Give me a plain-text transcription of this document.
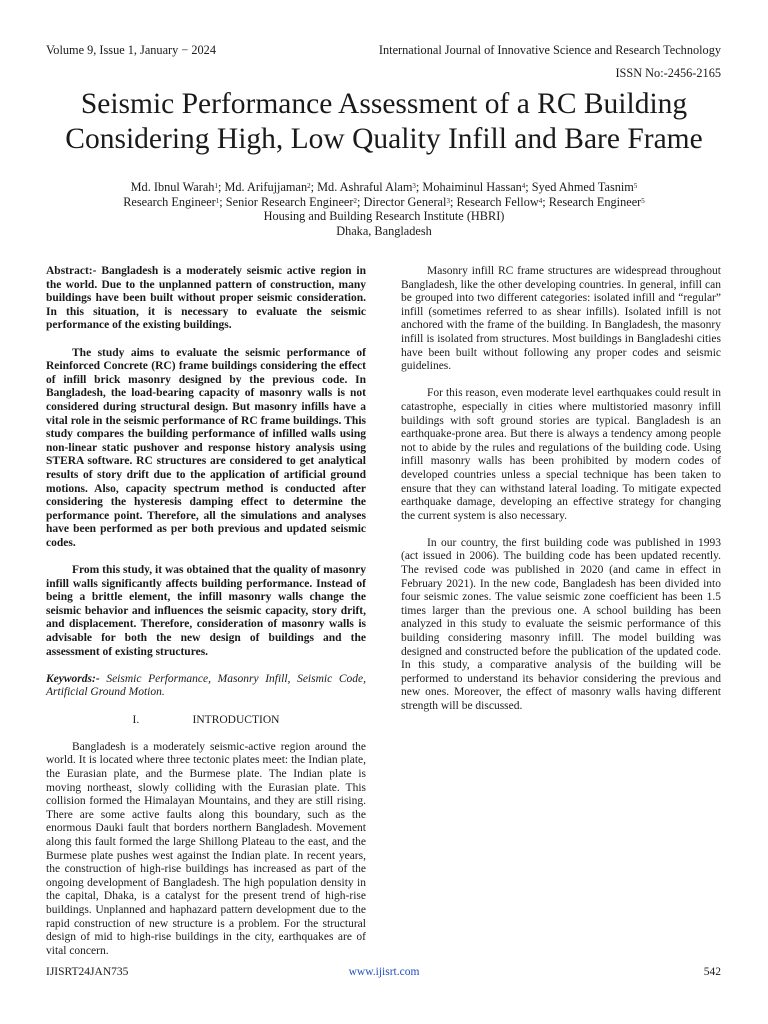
Volume 9, Issue 1, January − 2024	International Journal of Innovative Science and Research Technology
ISSN No:-2456-2165
Seismic Performance Assessment of a RC Building
Considering High, Low Quality Infill and Bare Frame
Md. Ibnul Warah$^1$; Md. Arifujjaman$^2$; Md. Ashraful Alam$^3$; Mohaiminul Hassan$^4$; Syed Ahmed Tasnim$^5$
Research Engineer$^1$; Senior Research Engineer$^2$; Director General$^3$; Research Fellow$^4$; Research Engineer$^5$
Housing and Building Research Institute (HBRI)
Dhaka, Bangladesh

Abstract:- Bangladesh is a moderately seismic active region in the world. Due to the unplanned pattern of construction, many buildings have been built without proper seismic consideration. In this situation, it is necessary to evaluate the seismic performance of the existing buildings.

The study aims to evaluate the seismic performance of Reinforced Concrete (RC) frame buildings considering the effect of infill brick masonry designed by the previous code. In Bangladesh, the load-bearing capacity of masonry walls is not considered during structural design. But masonry infills have a vital role in the seismic performance of RC frame buildings. This study compares the building performance of infilled walls using non-linear static pushover and response history analysis using STERA software. RC structures are considered to get analytical results of story drift due to the application of artificial ground motions. Also, capacity spectrum method is conducted after considering the hysteresis damping effect to determine the performance point. Therefore, all the simulations and analyses have been performed as per both previous and updated seismic codes.

From this study, it was obtained that the quality of masonry infill walls significantly affects building performance. Instead of being a brittle element, the infill masonry walls change the seismic behavior and influences the seismic capacity, story drift, and displacement. Therefore, consideration of masonry walls is advisable for both the new design of buildings and the assessment of existing structures.

Keywords:- Seismic Performance, Masonry Infill, Seismic Code, Artificial Ground Motion.

I.	INTRODUCTION

Bangladesh is a moderately seismic-active region around the world. It is located where three tectonic plates meet: the Indian plate, the Eurasian plate, and the Burmese plate. The Indian plate is moving northeast, slowly colliding with the Eurasian plate. This collision formed the Himalayan Mountains, and they are still rising. There are some active faults along this boundary, such as the enormous Dauki fault that borders northern Bangladesh. Movement along this fault formed the large Shillong Plateau to the east, and the Burmese plate pushes west against the Indian plate. In recent years, the construction of high-rise buildings has increased as part of the ongoing development of Bangladesh. The high population density in the capital, Dhaka, is a catalyst for the present trend of high-rise buildings. Unplanned and haphazard pattern development due to the rapid construction of new structure is a problem. For the structural design of mid to high-rise buildings in the city, earthquakes are of vital concern.

Masonry infill RC frame structures are widespread throughout Bangladesh, like the other developing countries. In general, infill can be grouped into two different categories: isolated infill and “regular” infill (sometimes referred to as shear infills). Isolated infill is not anchored with the frame of the building. In Bangladesh, the masonry infill is isolated from structures. Most buildings in Bangladeshi cities have been built without following any proper codes and seismic guidelines.

For this reason, even moderate level earthquakes could result in catastrophe, especially in cities where multistoried masonry infill buildings with soft ground stories are typical. Bangladesh is an earthquake-prone area. But there is always a tendency among people not to abide by the rules and regulations of the building code. Using infill masonry walls has been prohibited by modern codes of developed countries unless a special technique has been taken to ensure that they can withstand lateral loading. To mitigate expected earthquake damage, developing an effective strategy for changing the current system is also necessary.

In our country, the first building code was published in 1993 (act issued in 2006). The building code has been updated recently. The revised code was published in 2020 (and came in effect in February 2021). In the new code, Bangladesh has been divided into four seismic zones. The value seismic zone coefficient has been 1.5 times larger than the previous one. A school building has been analyzed in this study to evaluate the seismic performance of this building considering masonry infill. The model building was designed and constructed before the publication of the updated code. In this study, a comparative analysis of the building will be performed to understand its behavior considering the previous and new ones. Moreover, the effect of masonry walls having different strength will be discussed.

IJISRT24JAN735	www.ijisrt.com	542
